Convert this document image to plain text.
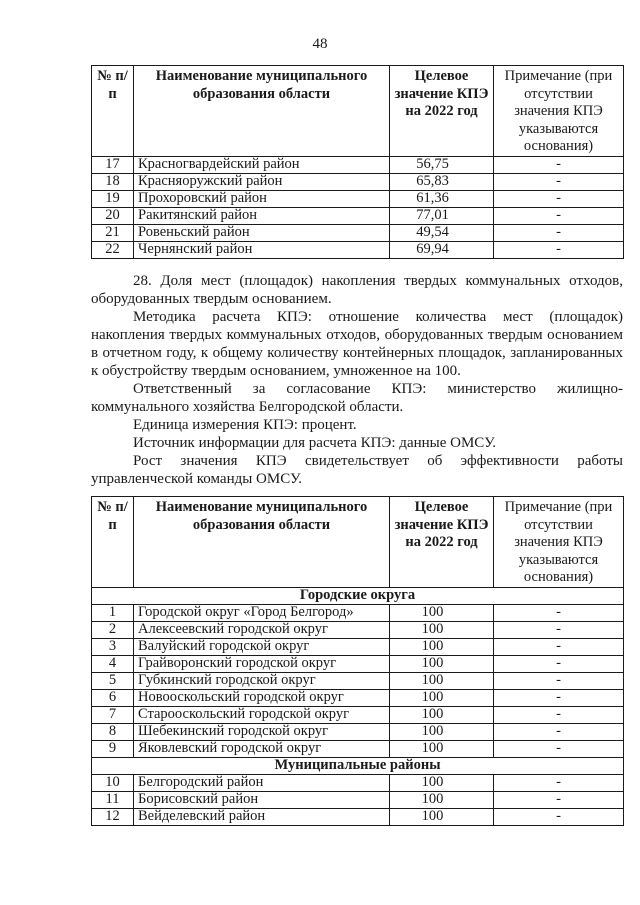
48
№ п/п	Наименование муниципального образования области	Целевое значение КПЭ на 2022 год	Примечание (при отсутствии значения КПЭ указываются основания)
17	Красногвардейский район	56,75	-
18	Красняоружский район	65,83	-
19	Прохоровский район	61,36	-
20	Ракитянский район	77,01	-
21	Ровеньский район	49,54	-
22	Чернянский район	69,94	-

28. Доля мест (площадок) накопления твердых коммунальных отходов, оборудованных твердым основанием.

Методика расчета КПЭ: отношение количества мест (площадок) накопления твердых коммунальных отходов, оборудованных твердым основанием в отчетном году, к общему количеству контейнерных площадок, запланированных к обустройству твердым основанием, умноженное на 100.

Ответственный за согласование КПЭ: министерство жилищно-коммунального хозяйства Белгородской области.

Единица измерения КПЭ: процент.

Источник информации для расчета КПЭ: данные ОМСУ.

Рост значения КПЭ свидетельствует об эффективности работы управленческой команды ОМСУ.

№ п/п	Наименование муниципального образования области	Целевое значение КПЭ на 2022 год	Примечание (при отсутствии значения КПЭ указываются основания)
Городские округа			
1	Городской округ «Город Белгород»	100	-
2	Алексеевский городской округ	100	-
3	Валуйский городской округ	100	-
4	Грайворонский городской округ	100	-
5	Губкинский городской округ	100	-
6	Новооскольский городской округ	100	-
7	Старооскольский городской округ	100	-
8	Шебекинский городской округ	100	-
9	Яковлевский городской округ	100	-
Муниципальные районы			
10	Белгородский район	100	-
11	Борисовский район	100	-
12	Вейделевский район	100	-
